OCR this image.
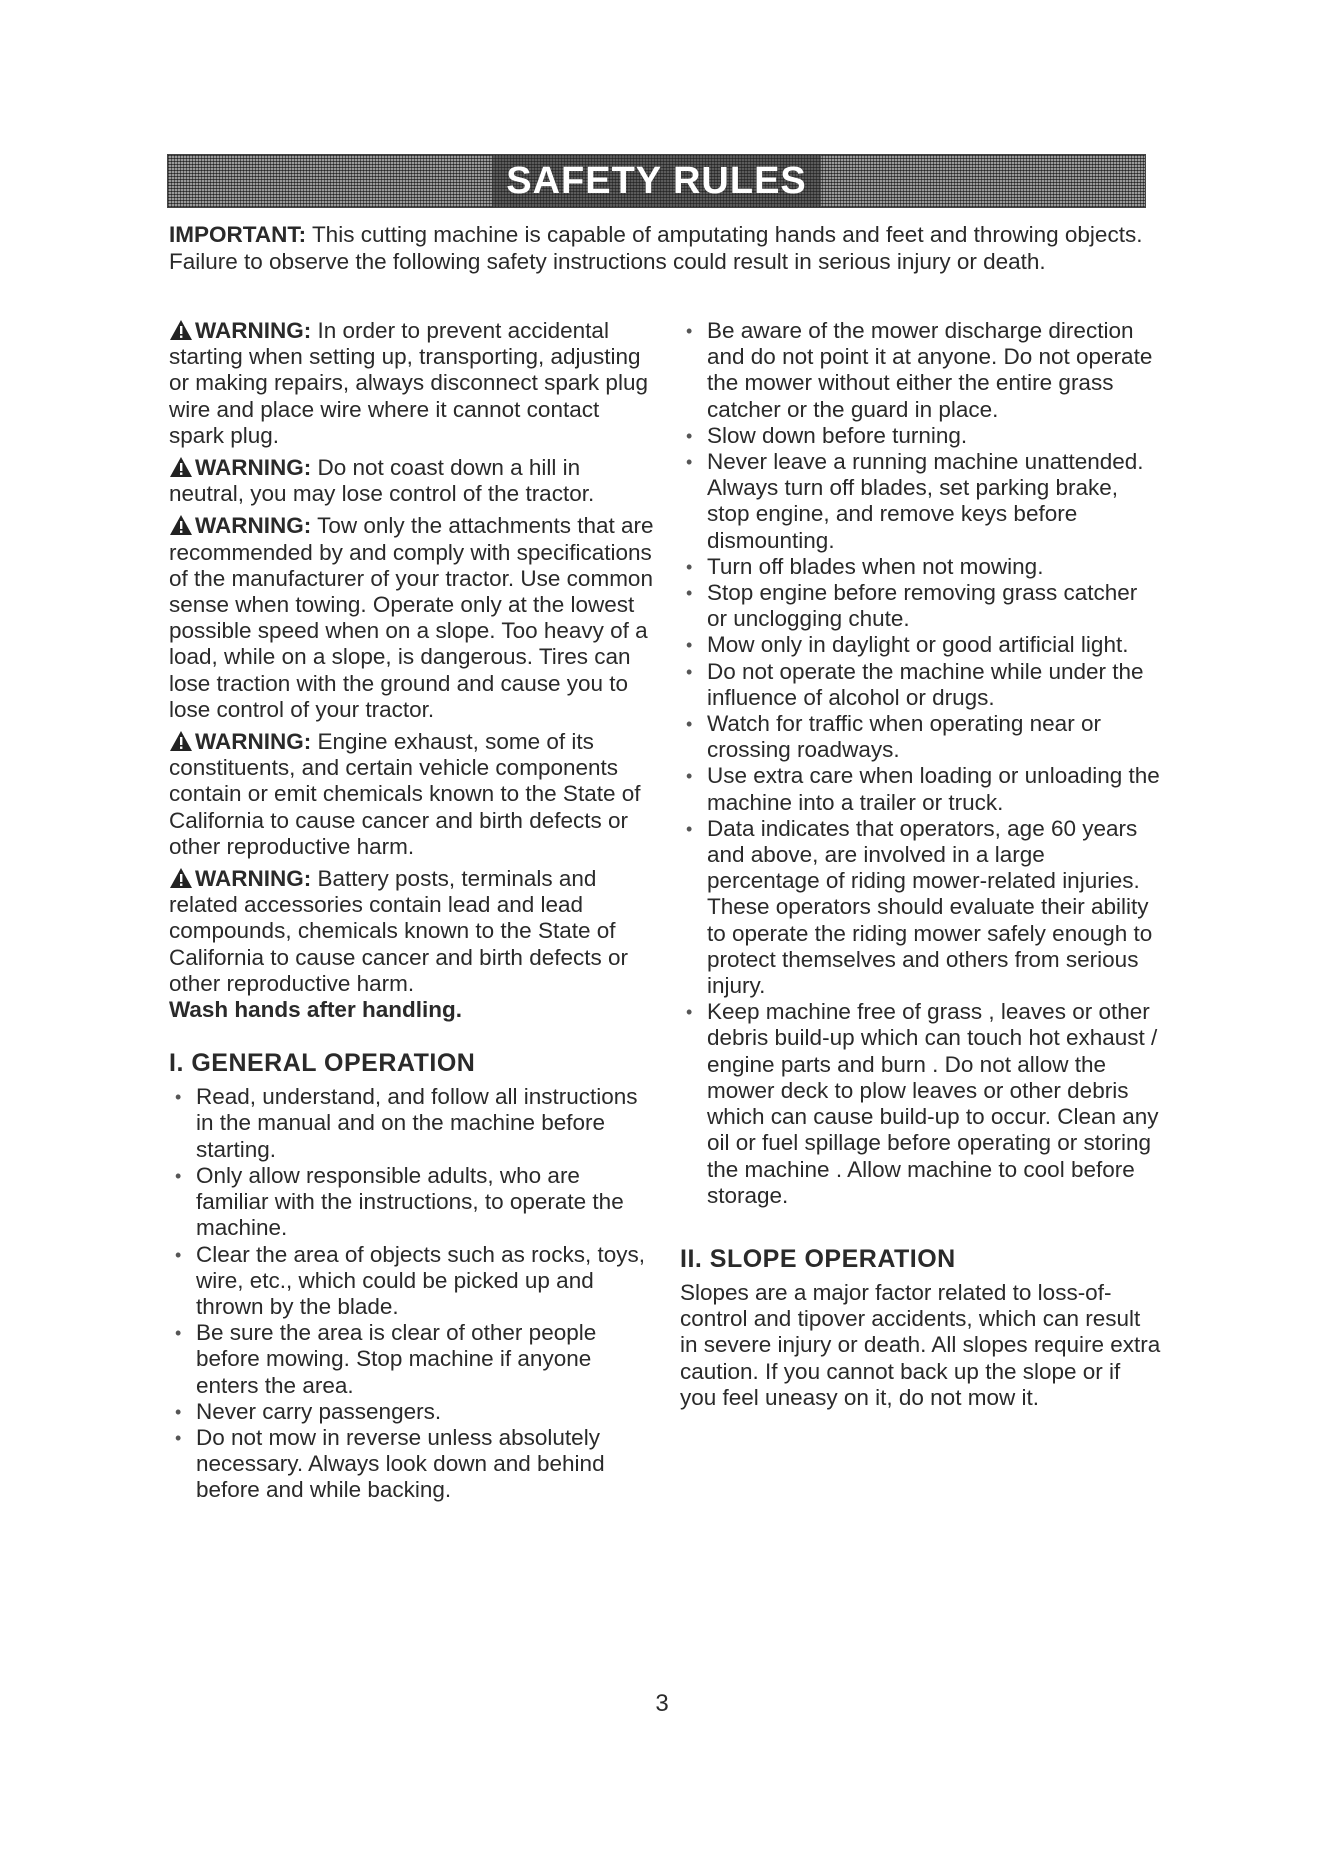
SAFETY RULES

IMPORTANT: This cutting machine is capable of amputating hands and feet and throwing objects. Failure to observe the following safety instructions could result in serious injury or death.

WARNING: In order to prevent accidental starting when setting up, transporting, adjusting or making repairs, always disconnect spark plug wire and place wire where it cannot contact spark plug.

WARNING: Do not coast down a hill in neutral, you may lose control of the tractor.

WARNING: Tow only the attachments that are recommended by and comply with specifications of the manufacturer of your tractor. Use common sense when towing. Operate only at the lowest possible speed when on a slope. Too heavy of a load, while on a slope, is dangerous. Tires can lose traction with the ground and cause you to lose control of your tractor.

WARNING: Engine exhaust, some of its constituents, and certain vehicle components contain or emit chemicals known to the State of California to cause cancer and birth defects or other reproductive harm.

WARNING: Battery posts, terminals and related accessories contain lead and lead compounds, chemicals known to the State of California to cause cancer and birth defects or other reproductive harm.
Wash hands after handling.

I. GENERAL OPERATION
• Read, understand, and follow all instructions in the manual and on the machine before starting.
• Only allow responsible adults, who are familiar with the instructions, to operate the machine.
• Clear the area of objects such as rocks, toys, wire, etc., which could be picked up and thrown by the blade.
• Be sure the area is clear of other people before mowing. Stop machine if anyone enters the area.
• Never carry passengers.
• Do not mow in reverse unless absolutely necessary. Always look down and behind before and while backing.
• Be aware of the mower discharge direction and do not point it at anyone. Do not operate the mower without either the entire grass catcher or the guard in place.
• Slow down before turning.
• Never leave a running machine unattended. Always turn off blades, set parking brake, stop engine, and remove keys before dismounting.
• Turn off blades when not mowing.
• Stop engine before removing grass catcher or unclogging chute.
• Mow only in daylight or good artificial light.
• Do not operate the machine while under the influence of alcohol or drugs.
• Watch for traffic when operating near or crossing roadways.
• Use extra care when loading or unloading the machine into a trailer or truck.
• Data indicates that operators, age 60 years and above, are involved in a large percentage of riding mower-related injuries. These operators should evaluate their ability to operate the riding mower safely enough to protect themselves and others from serious injury.
• Keep machine free of grass , leaves or other debris build-up which can touch hot exhaust / engine parts and burn . Do not allow the mower deck to plow leaves or other debris which can cause build-up to occur. Clean any oil or fuel spillage before operating or storing the machine . Allow machine to cool before storage.
II. SLOPE OPERATION

Slopes are a major factor related to loss-of-control and tipover accidents, which can result in severe injury or death. All slopes require extra caution. If you cannot back up the slope or if you feel uneasy on it, do not mow it.

3
